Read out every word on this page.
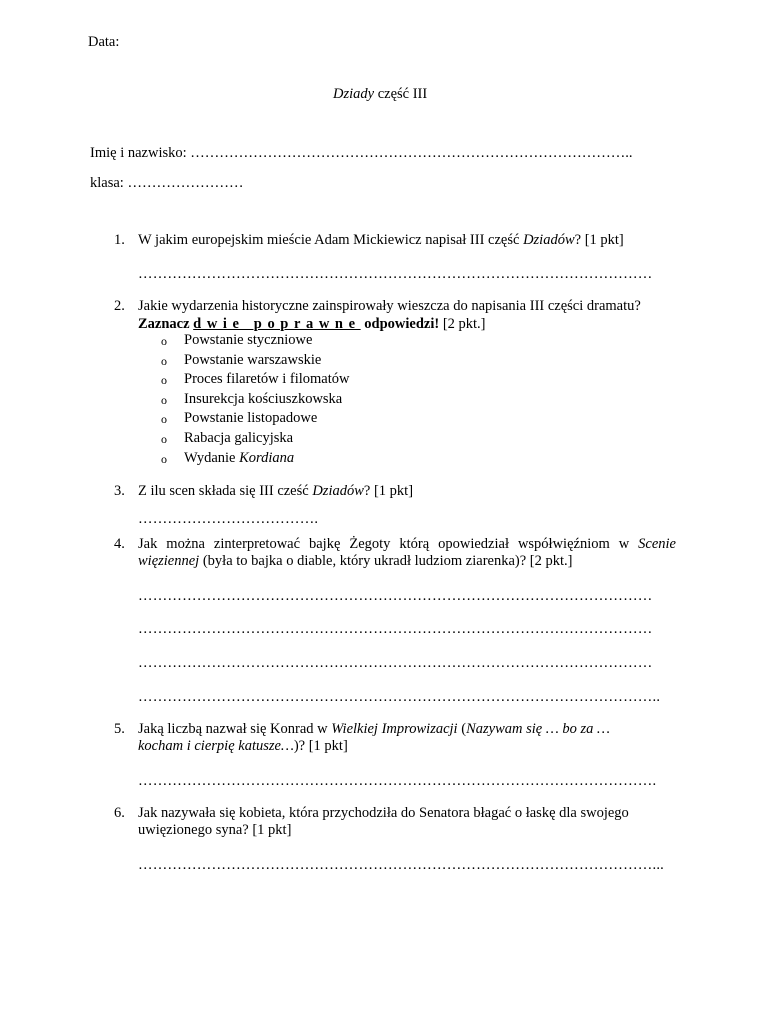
Data:
Dziady część III
Imię i nazwisko: ………………………………………………………………………………..
klasa: ……………………
1. W jakim europejskim mieście Adam Mickiewicz napisał III część Dziadów? [1 pkt]
……………………………………………………………………………………………
2. Jakie wydarzenia historyczne zainspirowały wieszcza do napisania III części dramatu?
Zaznacz dwie poprawne odpowiedzi! [2 pkt.]
o Powstanie styczniowe
o Powstanie warszawskie
o Proces filaretów i filomatów
o Insurekcja kościuszkowska
o Powstanie listopadowe
o Rabacja galicyjska
o Wydanie Kordiana
3. Z ilu scen składa się III cześć Dziadów? [1 pkt]
……………………………….
4. Jak można zinterpretować bajkę Żegoty którą opowiedział współwięźniom w Scenie
więziennej (była to bajka o diable, który ukradł ludziom ziarenka)? [2 pkt.]
……………………………………………………………………………………………
……………………………………………………………………………………………
……………………………………………………………………………………………
……………………………………………………………………………………………..
5. Jaką liczbą nazwał się Konrad w Wielkiej Improwizacji (Nazywam się … bo za …
kocham i cierpię katusze…)? [1 pkt]
…………………………………………………………………………………………….
6. Jak nazywała się kobieta, która przychodziła do Senatora błagać o łaskę dla swojego
uwięzionego syna? [1 pkt]
……………………………………………………………………………………………...
